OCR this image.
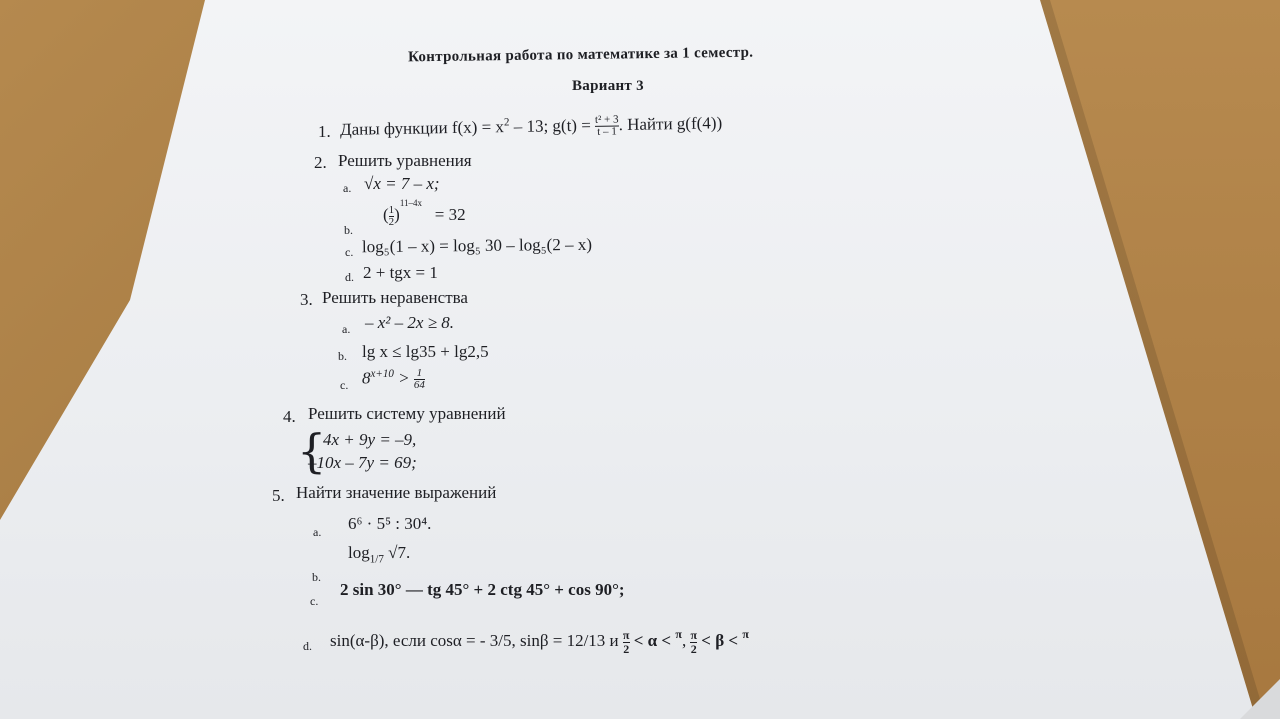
Контрольная работа по математике за 1 семестр.
Вариант 3
1. Даны функции $f(x) = x^2 - 13$; $g(t) = \frac{\text{t² + 3}}{t - 1}$ . Найти g(f(4))
2. Решить уравнения
a. √x = 7 – x;
b.
( $\frac{1}{2} )^{11-4x} = 32$
c. log₅(1 – x) = log₅ 30 – log₅(2 – x)
d. 2 + tgx = 1
3. Решить неравенства
a. – x² – 2x ≥ 8.
b. lg x ≤ lg35 + lg2,5
c. $8^{x+10} > \frac{1}{64}$
4. Решить систему уравнений
{
4x + 9y = –9,
–10x – 7y = 69;
5. Найти значение выражений
a. 6⁶ · 5⁵ : 30⁴.
b.
$\log_{1/7} √7$.
c.
2 sin 30° — tg 45° + 2 ctg 45° + cos 90°;
d. sin(α-β), если cosα = - 3/5, sinβ = 12/13 и $\frac{\pi}{2} < \alpha < ^\pi$, $\frac{\pi}{2} < \beta < ^\pi$
